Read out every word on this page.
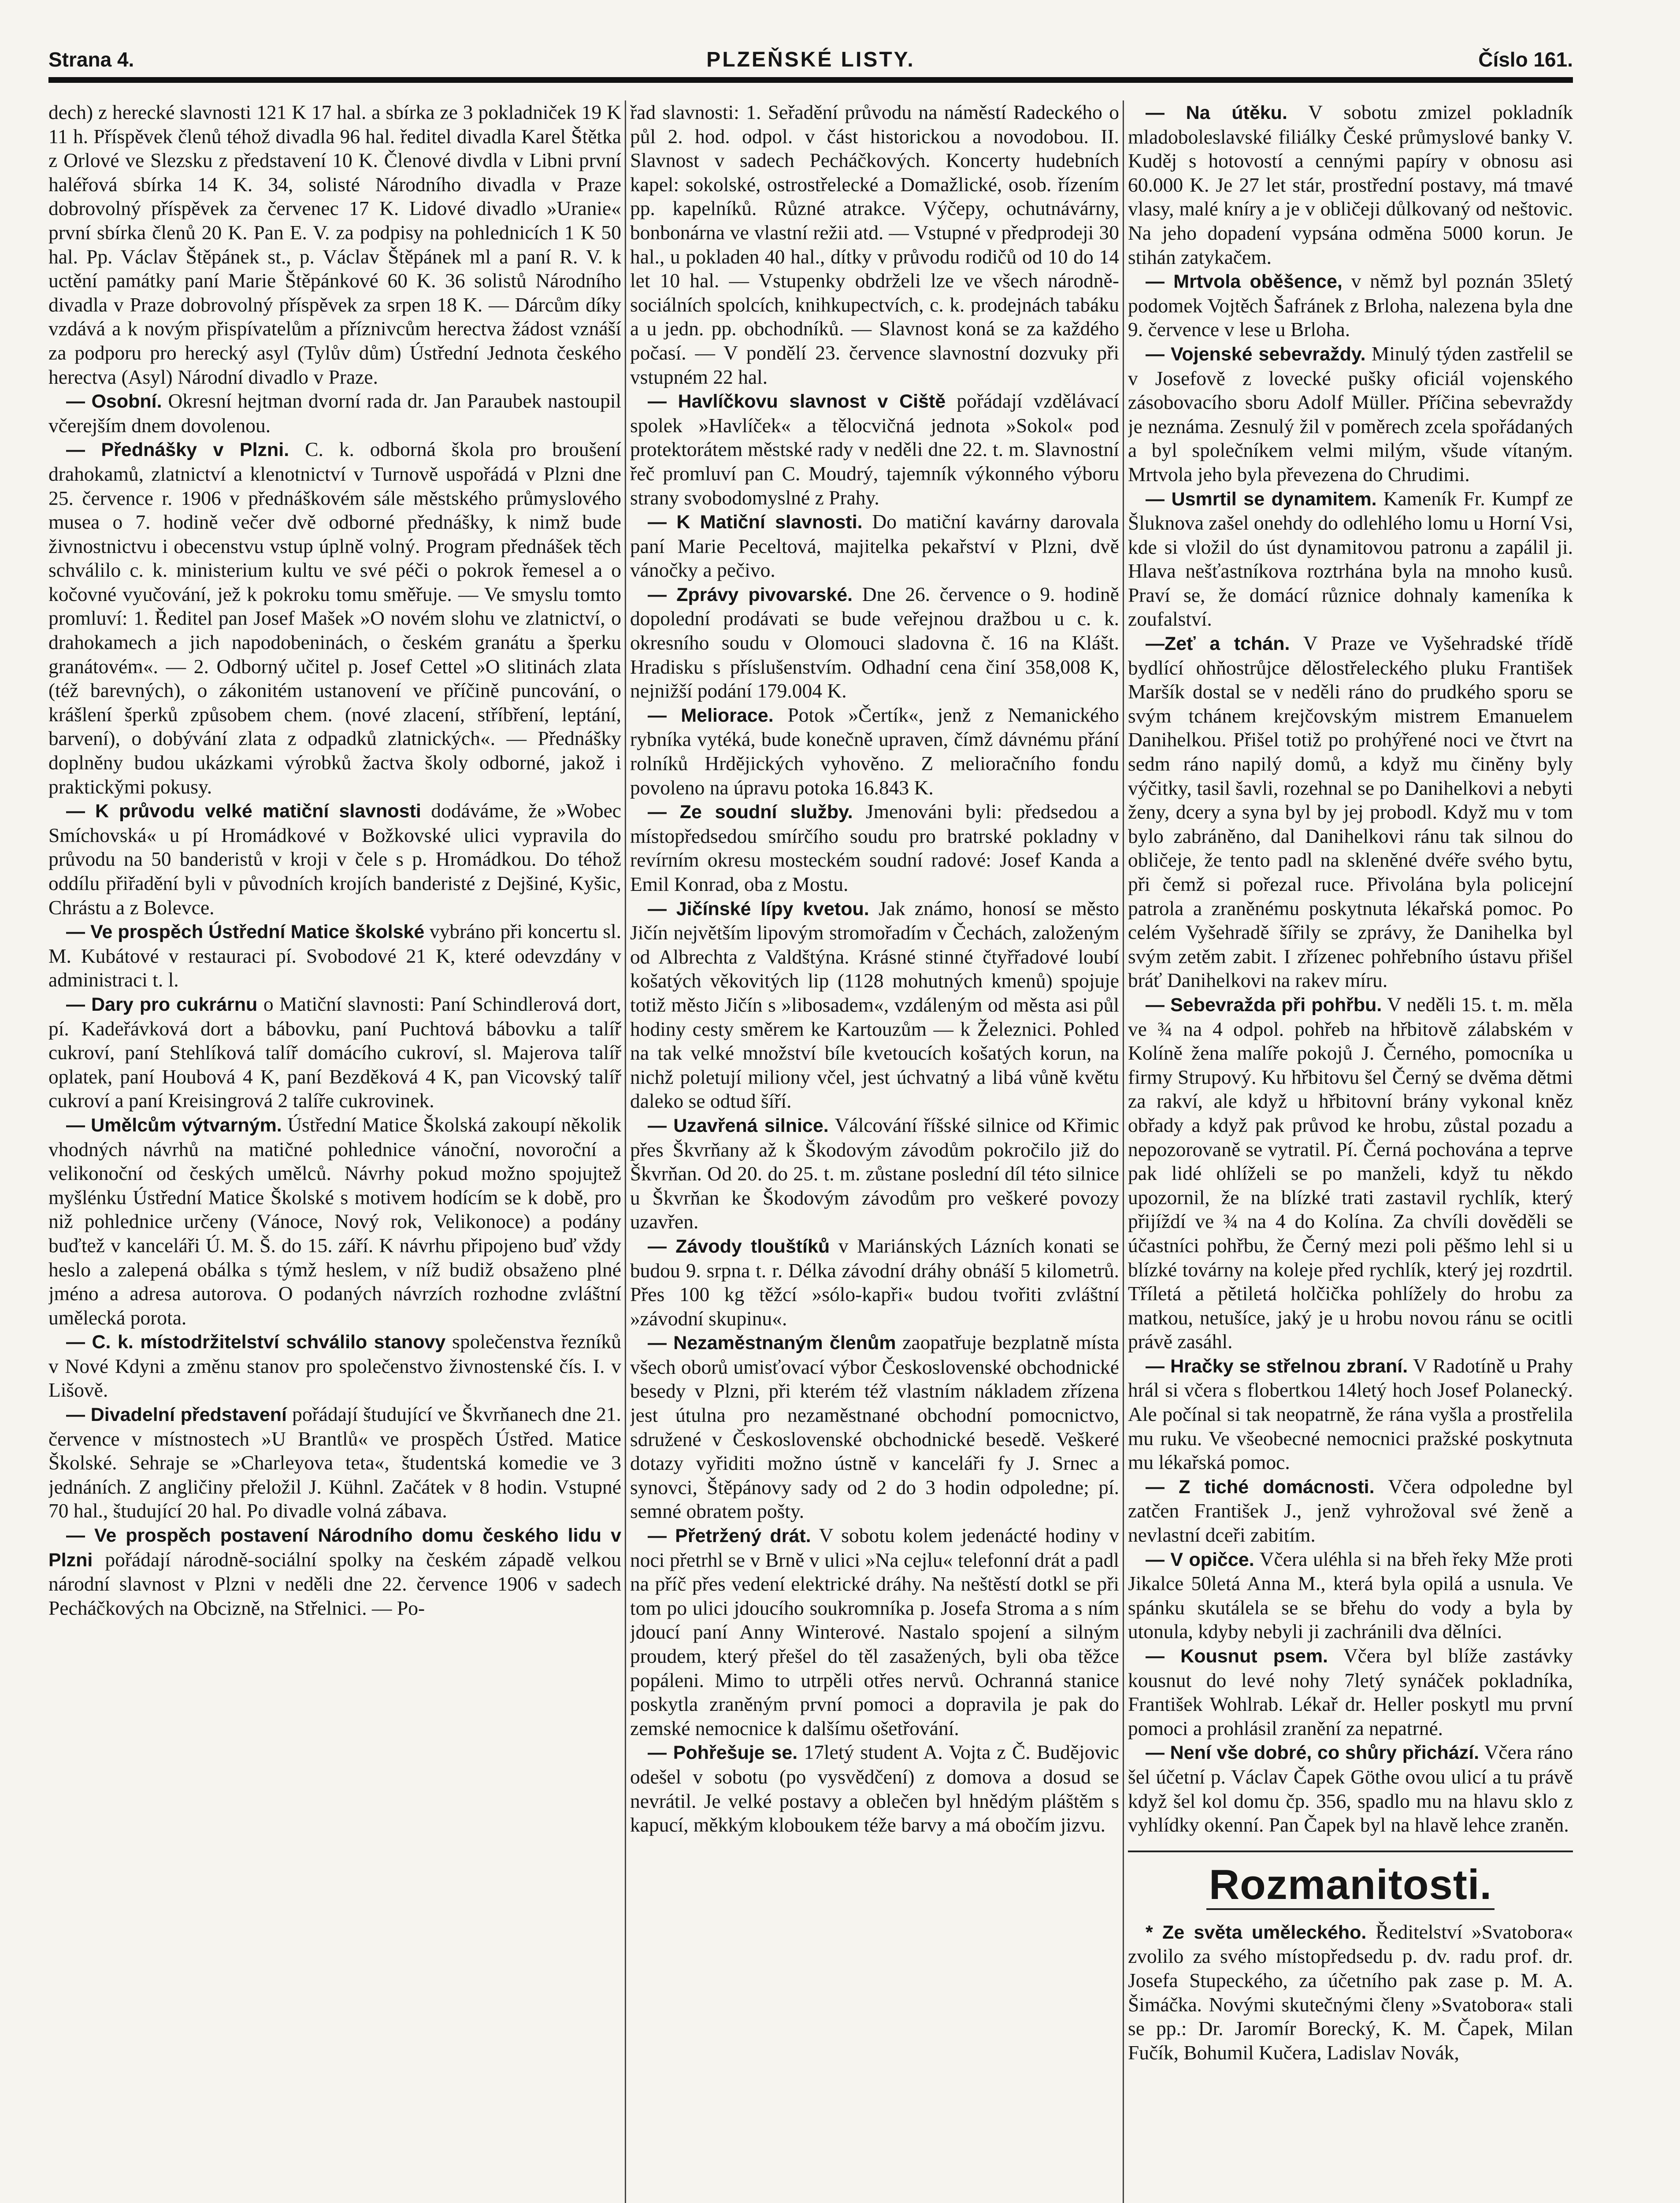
Strana 4.	PLZEŇSKÉ LISTY.	Číslo 161.

dech) z herecké slavnosti 121 K 17 hal. a sbírka ze 3 pokladniček 19 K 11 h. Příspěvek členů téhož divadla 96 hal. ředitel divadla Karel Štětka z Orlové ve Slezsku z představení 10 K. Členové divdla v Libni první haléřová sbírka 14 K. 34, solisté Národního divadla v Praze dobrovolný příspěvek za červenec 17 K. Lidové divadlo »Uranie« první sbírka členů 20 K. Pan E. V. za podpisy na pohlednicích 1 K 50 hal. Pp. Václav Štěpánek st., p. Václav Štěpánek ml a paní R. V. k uctění památky paní Marie Štěpánkové 60 K. 36 solistů Národního divadla v Praze dobrovolný příspěvek za srpen 18 K. — Dárcům díky vzdává a k novým přispívatelům a příznivcům herectva žádost vznáší za podporu pro herecký asyl (Tylův dům) Ústřední Jednota českého herectva (Asyl) Národní divadlo v Praze.

— Osobní. Okresní hejtman dvorní rada dr. Jan Paraubek nastoupil včerejším dnem dovolenou.

— Přednášky v Plzni. C. k. odborná škola pro broušení drahokamů, zlatnictví a klenotnictví v Turnově uspořádá v Plzni dne 25. července r. 1906 v přednáškovém sále městského průmyslového musea o 7. hodině večer dvě odborné přednášky, k nimž bude živnostnictvu i obecenstvu vstup úplně volný. Program přednášek těch schválilo c. k. ministerium kultu ve své péči o pokrok řemesel a o kočovné vyučování, jež k pokroku tomu směřuje. — Ve smyslu tomto promluví: 1. Ředitel pan Josef Mašek »O novém slohu ve zlatnictví, o drahokamech a jich napodobeninách, o českém granátu a šperku granátovém«. — 2. Odborný učitel p. Josef Cettel »O slitinách zlata (též barevných), o zákonitém ustanovení ve příčině puncování, o krášlení šperků způsobem chem. (nové zlacení, stříbření, leptání, barvení), o dobývání zlata z odpadků zlatnických«. — Přednášky doplněny budou ukázkami výrobků žactva školy odborné, jakož i prakticky̌mi pokusy.

— K průvodu velké matiční slavnosti dodáváme, že »Wobec Smíchovská« u pí Hromádkové v Božkovské ulici vypravila do průvodu na 50 banderistů v kroji v čele s p. Hromádkou. Do téhož oddílu přiřadění byli v původních krojích banderisté z Dejšiné, Kyšic, Chrástu a z Bolevce.

— Ve prospěch Ústřední Matice školské vybráno při koncertu sl. M. Kubátové v restauraci pí. Svobodové 21 K, které odevzdány v administraci t. l.

— Dary pro cukrárnu o Matiční slavnosti: Paní Schindlerová dort, pí. Kadeřávková dort a bábovku, paní Puchtová bábovku a talíř cukroví, paní Stehlíková talíř domácího cukroví, sl. Majerova talíř oplatek, paní Houbová 4 K, paní Bezděková 4 K, pan Vicovský talíř cukroví a paní Kreisingrová 2 talíře cukrovinek.

— Umělcům výtvarným. Ústřední Matice Školská zakoupí několik vhodných návrhů na matičné pohlednice vánoční, novoroční a velikonoční od českých umělců. Návrhy pokud možno spojujtež myšlénku Ústřední Matice Školské s motivem hodícím se k době, pro niž pohlednice určeny (Vánoce, Nový rok, Velikonoce) a podány buďtež v kanceláři Ú. M. Š. do 15. září. K návrhu připojeno buď vždy heslo a zalepená obálka s týmž heslem, v níž budiž obsaženo plné jméno a adresa autorova. O podaných návrzích rozhodne zvláštní umělecká porota.

— C. k. místodržitelství schválilo stanovy společenstva řezníků v Nové Kdyni a změnu stanov pro společenstvo živnostenské čís. I. v Lišově.

— Divadelní představení pořádají študující ve Škvrňanech dne 21. července v místnostech »U Brantlů« ve prospěch Ústřed. Matice Školské. Sehraje se »Charleyova teta«, študentská komedie ve 3 jednáních. Z angličiny přeložil J. Kühnl. Začátek v 8 hodin. Vstupné 70 hal., študující 20 hal. Po divadle volná zábava.

— Ve prospěch postavení Národního domu českého lidu v Plzni pořádají národně-sociální spolky na českém západě velkou národní slavnost v Plzni v neděli dne 22. července 1906 v sadech Pecháčkových na Obcizně, na Střelnici. — Po-

řad slavnosti: 1. Seřadění průvodu na náměstí Radeckého o půl 2. hod. odpol. v část historickou a novodobou. II. Slavnost v sadech Pecháčkových. Koncerty hudebních kapel: sokolské, ostrostřelecké a Domažlické, osob. řízením pp. kapelníků. Různé atrakce. Výčepy, ochutnávárny, bonbonárna ve vlastní režii atd. — Vstupné v předprodeji 30 hal., u pokladen 40 hal., dítky v průvodu rodičů od 10 do 14 let 10 hal. — Vstupenky obdrželi lze ve všech národně-sociálních spolcích, knihkupectvích, c. k. prodejnách tabáku a u jedn. pp. obchodníků. — Slavnost koná se za každého počasí. — V pondělí 23. července slavnostní dozvuky při vstupném 22 hal.

— Havlíčkovu slavnost v Ciště pořádají vzdělávací spolek »Havlíček« a tělocvičná jednota »Sokol« pod protektorátem městské rady v neděli dne 22. t. m. Slavnostní řeč promluví pan C. Moudrý, tajemník výkonného výboru strany svobodomyslné z Prahy.

— K Matiční slavnosti. Do matiční kavárny darovala paní Marie Peceltová, majitelka pekařství v Plzni, dvě vánočky a pečivo.

— Zprávy pivovarské. Dne 26. července o 9. hodině dopolední prodávati se bude veřejnou dražbou u c. k. okresního soudu v Olomouci sladovna č. 16 na Klášt. Hradisku s příslušenstvím. Odhadní cena činí 358,008 K, nejnižší podání 179.004 K.

— Meliorace. Potok »Čertík«, jenž z Nemanického rybníka vytéká, bude konečně upraven, čímž dávnému přání rolníků Hrdějických vyhověno. Z melioračního fondu povoleno na úpravu potoka 16.843 K.

— Ze soudní služby. Jmenováni byli: předsedou a místopředsedou smírčího soudu pro bratrské pokladny v revírním okresu mosteckém soudní radové: Josef Kanda a Emil Konrad, oba z Mostu.

— Jičínské lípy kvetou. Jak známo, honosí se město Jičín největším lipovým stromořadím v Čechách, založeným od Albrechta z Valdštýna. Krásné stinné čtyřřadové loubí košatých věkovitých lip (1128 mohutných kmenů) spojuje totiž město Jičín s »libosadem«, vzdáleným od města asi půl hodiny cesty směrem ke Kartouzům — k Železnici. Pohled na tak velké množství bíle kvetoucích košatých korun, na nichž poletují miliony včel, jest úchvatný a libá vůně květu daleko se odtud šíří.

— Uzavřená silnice. Válcování říšské silnice od Křimic přes Škvrňany až k Škodovým závodům pokročilo již do Škvrňan. Od 20. do 25. t. m. zůstane poslední díl této silnice u Škvrňan ke Škodovým závodům pro veškeré povozy uzavřen.

— Závody tlouštíků v Mariánských Lázních konati se budou 9. srpna t. r. Délka závodní dráhy obnáší 5 kilometrů. Přes 100 kg těžcí »sólo-kapři« budou tvořiti zvláštní »závodní skupinu«.

— Nezaměstnaným členům zaopatřuje bezplatně místa všech oborů umisťovací výbor Československé obchodnické besedy v Plzni, při kterém též vlastním nákladem zřízena jest útulna pro nezaměstnané obchodní pomocnictvo, sdružené v Československé obchodnické besedě. Veškeré dotazy vyřiditi možno ústně v kanceláři fy J. Srnec a synovci, Štěpánovy sady od 2 do 3 hodin odpoledne; pí. semné obratem pošty.

— Přetržený drát. V sobotu kolem jedenácté hodiny v noci přetrhl se v Brně v ulici »Na cejlu« telefonní drát a padl na příč přes vedení elektrické dráhy. Na neštěstí dotkl se při tom po ulici jdoucího soukromníka p. Josefa Stroma a s ním jdoucí paní Anny Winterové. Nastalo spojení a silným proudem, který přešel do těl zasažených, byli oba těžce popáleni. Mimo to utrpěli otřes nervů. Ochranná stanice poskytla zraněným první pomoci a dopravila je pak do zemské nemocnice k dalšímu ošetřování.

— Pohřešuje se. 17letý student A. Vojta z Č. Budějovic odešel v sobotu (po vysvědčení) z domova a dosud se nevrátil. Je velké postavy a oblečen byl hnědým pláštěm s kapucí, měkkým kloboukem téže barvy a má obočím jizvu.

— Na útěku. V sobotu zmizel pokladník mladoboleslavské filiálky České průmyslové banky V. Kuděj s hotovostí a cennými papíry v obnosu asi 60.000 K. Je 27 let stár, prostřední postavy, má tmavé vlasy, malé kníry a je v obličeji důlkovaný od neštovic. Na jeho dopadení vypsána odměna 5000 korun. Je stihán zatykačem.

— Mrtvola oběšence, v němž byl poznán 35letý podomek Vojtěch Šafránek z Brloha, nalezena byla dne 9. července v lese u Brloha.

— Vojenské sebevraždy. Minulý týden zastřelil se v Josefově z lovecké pušky oficiál vojenského zásobovacího sboru Adolf Müller. Příčina sebevraždy je neznáma. Zesnulý žil v poměrech zcela spořádaných a byl společníkem velmi milým, všude vítaným. Mrtvola jeho byla převezena do Chrudimi.

— Usmrtil se dynamitem. Kameník Fr. Kumpf ze Šluknova zašel onehdy do odlehlého lomu u Horní Vsi, kde si vložil do úst dynamitovou patronu a zapálil ji. Hlava nešťastníkova roztrhána byla na mnoho kusů. Praví se, že domácí různice dohnaly kameníka k zoufalství.

—Zeť a tchán. V Praze ve Vyšehradské třídě bydlící ohňostrůjce dělostřeleckého pluku František Maršík dostal se v neděli ráno do prudkého sporu se svým tchánem krejčovským mistrem Emanuelem Danihelkou. Přišel totiž po prohýřené noci ve čtvrt na sedm ráno napilý domů, a když mu činěny byly výčitky, tasil šavli, rozehnal se po Danihelkovi a nebyti ženy, dcery a syna byl by jej probodl. Když mu v tom bylo zabráněno, dal Danihelkovi ránu tak silnou do obličeje, že tento padl na skleněné dvéře svého bytu, při čemž si pořezal ruce. Přivolána byla policejní patrola a zraněnému poskytnuta lékařská pomoc. Po celém Vyšehradě šířily se zprávy, že Danihelka byl svým zetěm zabit. I zřízenec pohřebního ústavu přišel bráť Danihelkovi na rakev míru.

— Sebevražda při pohřbu. V neděli 15. t. m. měla ve ¾ na 4 odpol. pohřeb na hřbitově zálabském v Kolíně žena malíře pokojů J. Černého, pomocníka u firmy Strupový. Ku hřbitovu šel Černý se dvěma dětmi za rakví, ale když u hřbitovní brány vykonal kněz obřady a když pak průvod ke hrobu, zůstal pozadu a nepozorovaně se vytratil. Pí. Černá pochována a teprve pak lidé ohlíželi se po manželi, když tu někdo upozornil, že na blízké trati zastavil rychlík, který přijíždí ve ¾ na 4 do Kolína. Za chvíli dověděli se účastníci pohřbu, že Černý mezi poli pěšmo lehl si u blízké továrny na koleje před rychlík, který jej rozdrtil. Tříletá a pětiletá holčička pohlížely do hrobu za matkou, netušíce, jaký je u hrobu novou ránu se ocitli právě zasáhl.

— Hračky se střelnou zbraní. V Radotíně u Prahy hrál si včera s flobertkou 14letý hoch Josef Polanecký. Ale počínal si tak neopatrně, že rána vyšla a prostřelila mu ruku. Ve všeobecné nemocnici pražské poskytnuta mu lékařská pomoc.

— Z tiché domácnosti. Včera odpoledne byl zatčen František J., jenž vyhrožoval své ženě a nevlastní dceři zabitím.

— V opičce. Včera uléhla si na břeh řeky Mže proti Jikalce 50letá Anna M., která byla opilá a usnula. Ve spánku skutálela se se břehu do vody a byla by utonula, kdyby nebyli ji zachránili dva dělníci.

— Kousnut psem. Včera byl blíže zastávky kousnut do levé nohy 7letý synáček pokladníka, František Wohlrab. Lékař dr. Heller poskytl mu první pomoci a prohlásil zranění za nepatrné.

— Není vše dobré, co shůry přichází. Včera ráno šel účetní p. Václav Čapek Göthe ovou ulicí a tu právě když šel kol domu čp. 356, spadlo mu na hlavu sklo z vyhlídky okenní. Pan Čapek byl na hlavě lehce zraněn.

Rozmanitosti.

* Ze světa uměleckého. Ředitelství »Svatobora« zvolilo za svého místopředsedu p. dv. radu prof. dr. Josefa Stupeckého, za účetního pak zase p. M. A. Šimáčka. Novými skutečnými členy »Svatobora« stali se pp.: Dr. Jaromír Borecký, K. M. Čapek, Milan Fučík, Bohumil Kučera, Ladislav Novák,
